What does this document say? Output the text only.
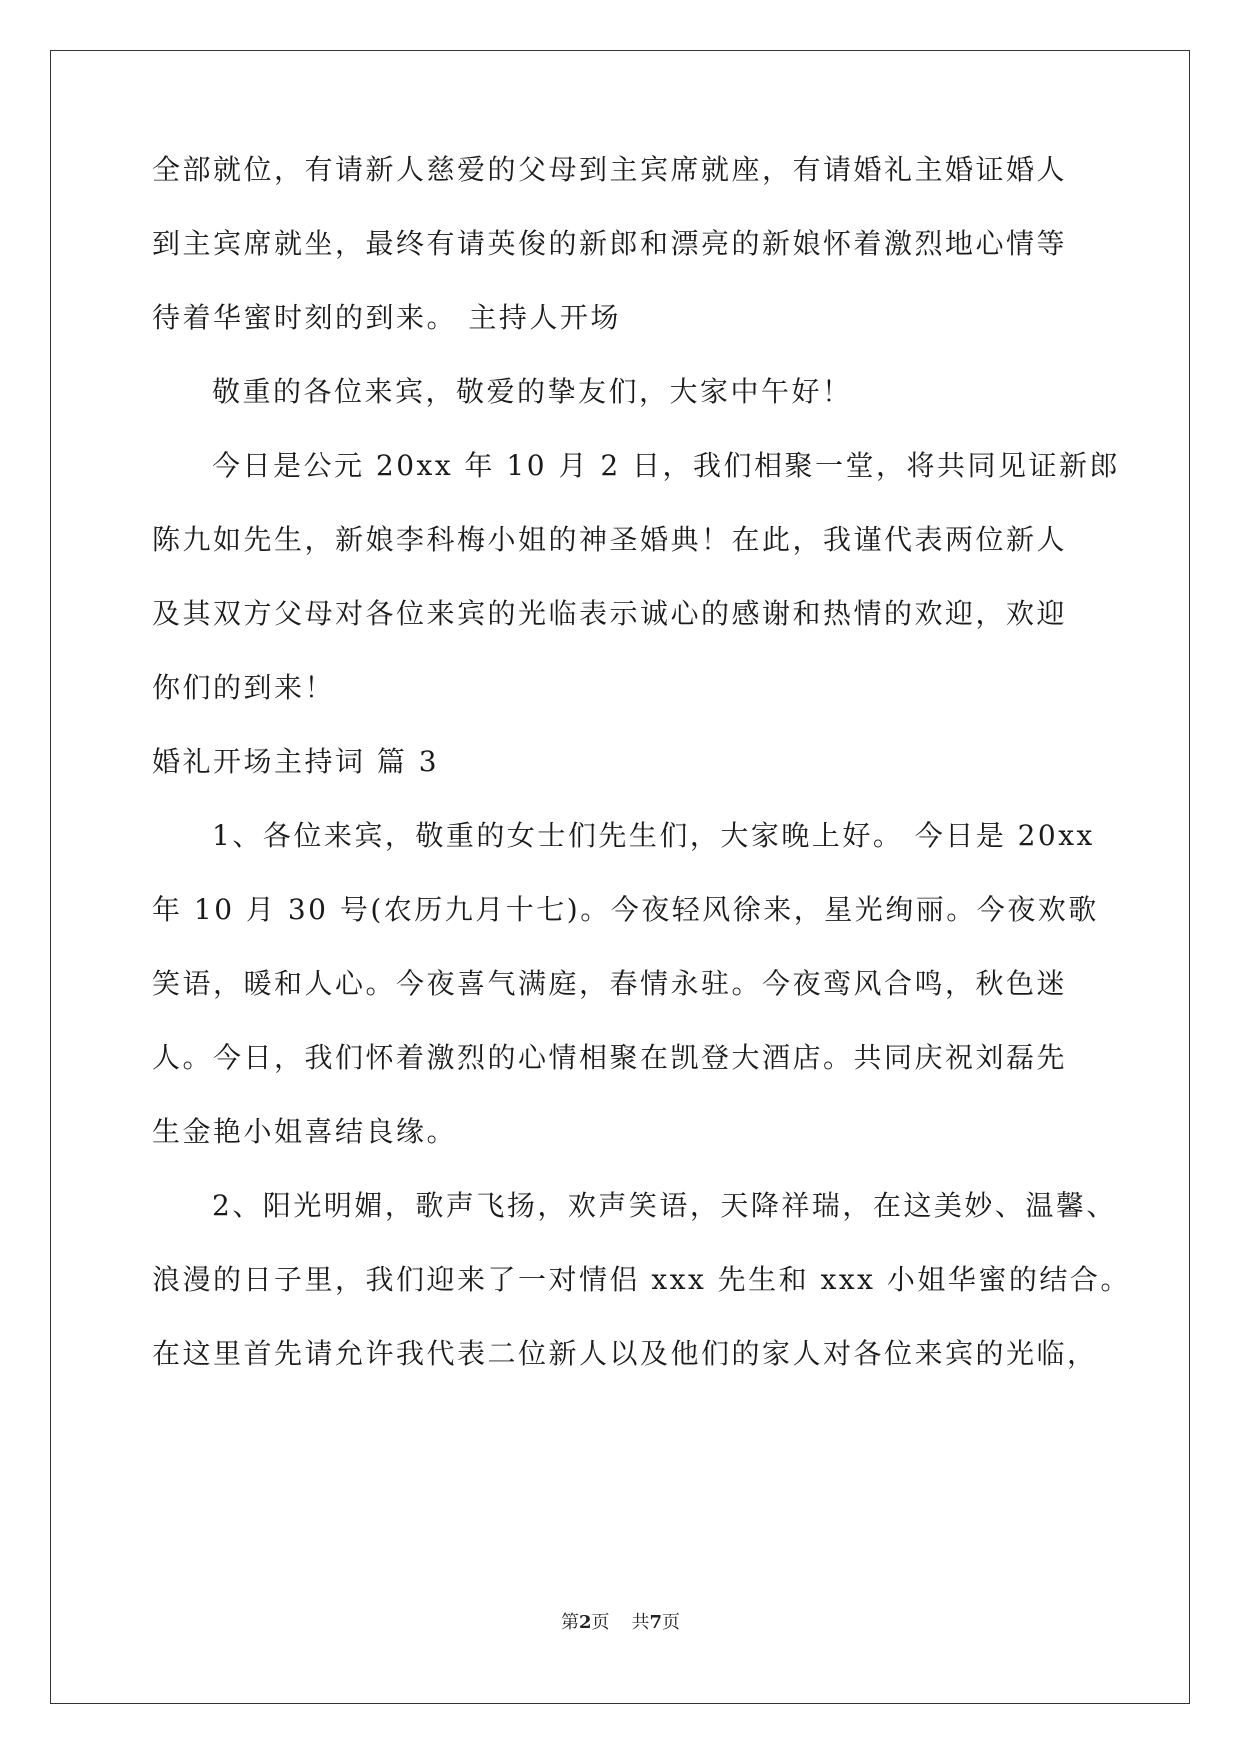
全部就位，有请新人慈爱的父母到主宾席就座，有请婚礼主婚证婚人
到主宾席就坐，最终有请英俊的新郎和漂亮的新娘怀着激烈地心情等
待着华蜜时刻的到来。 主持人开场
敬重的各位来宾，敬爱的挚友们，大家中午好！
今日是公元 20xx 年 10 月 2 日，我们相聚一堂，将共同见证新郎
陈九如先生，新娘李科梅小姐的神圣婚典！在此，我谨代表两位新人
及其双方父母对各位来宾的光临表示诚心的感谢和热情的欢迎，欢迎
你们的到来！
婚礼开场主持词 篇 3
1、各位来宾，敬重的女士们先生们，大家晚上好。 今日是 20xx
年 10 月 30 号(农历九月十七)。今夜轻风徐来，星光绚丽。今夜欢歌
笑语，暖和人心。今夜喜气满庭，春情永驻。今夜鸾风合鸣，秋色迷
人。今日，我们怀着激烈的心情相聚在凯登大酒店。共同庆祝刘磊先
生金艳小姐喜结良缘。
2、阳光明媚，歌声飞扬，欢声笑语，天降祥瑞，在这美妙、温馨、
浪漫的日子里，我们迎来了一对情侣 xxx 先生和 xxx 小姐华蜜的结合。
在这里首先请允许我代表二位新人以及他们的家人对各位来宾的光临，
第2页 共7页
